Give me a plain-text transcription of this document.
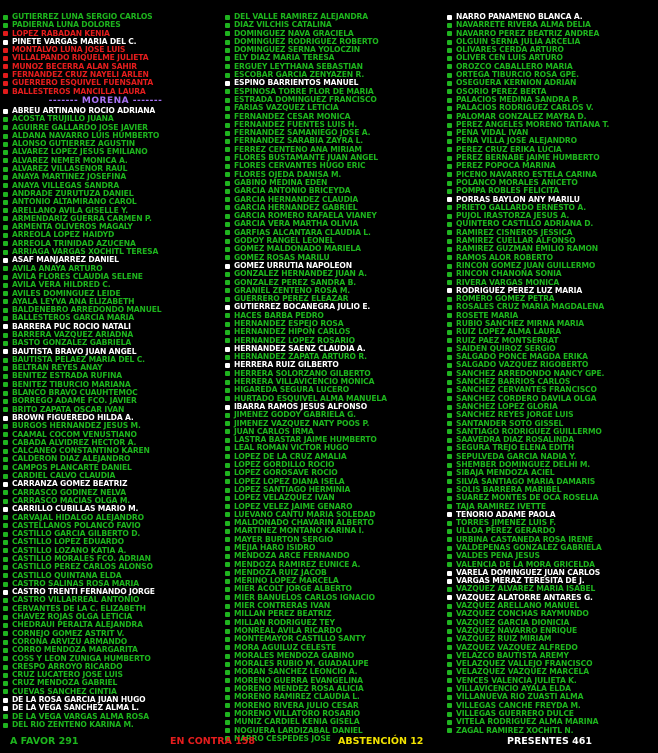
GUTIÉRREZ LUNA SERGIO CARLOS
PADIERNA LUNA DOLORES
LÓPEZ RABADÁN KENIA
PINETE VARGAS MARÍA DEL C.
MONTALVO LUNA JOSÉ LUIS
VILLALPANDO RIQUELME JULIETA
MUÑOZ BECERRA ALAN SAHIR
FERNÁNDEZ CRUZ NAYELI ARLEN
GUERRERO ESQUIVEL FUENSANTA
BALLESTEROS MANCILLA LAURA
------- MORENA -------
ABREU ARTIÑANO ROCÍO ADRIANA
ACOSTA TRUJILLO JUANA
AGUIRRE GALLARDO JOSÉ JAVIER
ALDANA NAVARRO LUIS HUMBERTO
ALONSO GUTIÉRREZ AGUSTÍN
ÁLVAREZ LÓPEZ JESÚS EMILIANO
ÁLVAREZ NEMER MÓNICA A.
ÁLVAREZ VILLASEÑOR RAÚL
ANAYA MARTÍNEZ JOSEFINA
ANAYA VILLEGAS SANDRA
ANDRADE ZURUTUZA DANIEL
ANTONIO ALTAMIRANO CAROL
ARELLANO AVILA GISELLE Y.
ARMENDÁRIZ GUERRA CARMEN P.
ARMENTA OLIVEROS MAGALY
ARREOLA LÓPEZ HAIDYD
ARREOLA TRINIDAD AZUCENA
ARRIAGA VARGAS XÓCHITL TERESA
ASAF MANJARREZ DANIEL
ÁVILA ANAYA ARTURO
ÁVILA FLORES CLAUDIA SELENE
ÁVILA VERA HILDRED C.
AVILÉS DOMÍNGUEZ LEIDE
AYALA LEYVA ANA ELIZABETH
BALDENEBRO ARREDONDO MANUEL
BALLESTEROS GARCÍA MARÍA
BARRERA PUC ROCIO NATALI
BARRERA VÁZQUEZ ARIADNA
BASTO GONZÁLEZ GABRIELA
BAUTISTA BRAVO JUAN ANGEL
BAUTISTA PELÁEZ MARÍA DEL C.
BELTRÁN REYES ANAY
BENÍTEZ ESTRADA RUFINA
BENÍTEZ TIBURCIO MARIANA
BLANCO BRAVO CUAUHTÉMOC
BORREGO ADAME FCO. JAVIER
BRITO ZAPATA OSCAR IVÁN
BROWN FIGUEREDO HILDA A.
BURGOS HERNÁNDEZ JESÚS M.
CAAMAL COCOM VENUSTIANO
CABADA ALVIDREZ HÉCTOR A.
CALCANEO CONSTANTINO KAREN
CALDERÓN DÍAZ ALEJANDRO
CAMPOS PLANCARTE DANIEL
CARDIEL CALVO CLAUDIA
CARRANZA GÓMEZ BEATRIZ
CARRASCO GODÍNEZ NELVA
CARRASCO MACÍAS OLGA M.
CARRILLO CUBILLAS MARIO M.
CARVAJAL HIDALGO ALEJANDRO
CASTELLANOS POLANCO FAVIO
CASTILLO GARCÍA GILBERTO D.
CASTILLO LÓPEZ EDUARDO
CASTILLO LOZANO KATIA A.
CASTILLO MORALES FCO. ADRIÁN
CASTILLO PÉREZ CARLOS ALONSO
CASTILLO QUINTANA ELDA
CASTRO SALINAS ROSA MARÍA
CASTRO TRENTI FERNANDO JORGE
CASTRO VILLARREAL ANTONIO
CERVANTES DE LA C. ELIZABETH
CHÁVEZ ROJAS OLGA LETICIA
CHEDRAUI PERALTA ALEJANDRA
CORNEJO GÓMEZ ASTRIT V.
CORONA ARVIZU ARMANDO
CORRO MENDOZA MARGARITA
COSS Y LEÓN ZÚÑIGA HUMBERTO
CRESPO ARROYO RICARDO
CRUZ LUCATERO JOSÉ LUIS
CRUZ MENDOZA GABRIEL
CUEVAS SÁNCHEZ CINTIA
DE LA ROSA GARCÍA JUAN HUGO
DE LA VEGA SÁNCHEZ ALMA L.
DE LA VEGA VARGAS ALMA ROSA
DEL RÍO ZENTENO KARINA M.
DEL VALLE RAMÍREZ ALEJANDRA
DÍAZ VILCHIS CATALINA
DOMÍNGUEZ NAVA GRACIELA
DOMÍNGUEZ RODRÍGUEZ ROBERTO
DOMÍNGUEZ SERNA YOLOCZIN
ELY DÍAZ MARÍA TERESA
ERGUEY LEYTHANA SEBASTIÁN
ESCOBAR GARCÍA ZENYAZEN R.
ESPINO BARRIENTOS MANUEL
ESPINOSA TORRE FLOR DE MARÍA
ESTRADA DOMÍNGUEZ FRANCISCO
FARIAS VÁZQUEZ LETICIA
FERNÁNDEZ CÉSAR MÓNICA
FERNÁNDEZ FUENTES LUIS H.
FERNÁNDEZ SAMANIEGO JOSÉ A.
FERNÁNDEZ SARABIA ZAYRA L.
FERREZ CENTENO ANA MIRIAM
FLORES BUSTAMANTE JUAN ÁNGEL
FLORES CERVANTES HUGO ERIC
FLORES OJEDA DANISA M.
GABIÑO MEDINA EDÉN
GARCÍA ANTONIO BRICEYDA
GARCÍA HERNÁNDEZ CLAUDIA
GARCÍA HERNÁNDEZ GABRIEL
GARCÍA ROMERO RAFAELA VIANEY
GARCÍA VERA MARTHA OLIVIA
GARFIAS ALCÁNTARA CLAUDIA L.
GODOY RANGEL LEONEL
GÓMEZ MALDONADO MARIELA
GÓMEZ ROSAS MARILÚ
GÓMEZ URRUTIA NAPOLEÓN
GONZÁLEZ HERNÁNDEZ JUAN A.
GONZÁLEZ PÉREZ SANDRA B.
GRANIEL ZENTENO ROSA M.
GUERRERO PÉREZ ELEAZAR
GUTIÉRREZ BOCANEGRA JULIO E.
HACES BARBA PEDRO
HERNÁNDEZ ESPEJO ROSA
HERNÁNDEZ HIPÓN CARLOS
HERNÁNDEZ LÓPEZ ROSARIO
HERNÁNDEZ SÁENZ CLAUDIA A.
HERNÁNDEZ ZAPATA ARTURO R.
HERRERA RUÍZ GILBERTO
HERRERA SOLÓRZANO GILBERTO
HERRERA VILLAVICENCIO MÓNICA
HIGAREDA SEGURA LUCERO
HURTADO ESQUIVEL ALMA MANUELA
IBARRA RAMOS JESÚS ALFONSO
JIMÉNEZ GODOY GABRIELA G.
JIMÉNEZ VÁZQUEZ NATY POOS P.
JUAN CARLOS IRMA
LASTRA BASTAR JAIME HUMBERTO
LEAL ROMÁN VÍCTOR HUGO
LÓPEZ DE LA CRUZ AMALIA
LÓPEZ GORDILLO ROCÍO
LÓPEZ GOROSAVE ROCÍO
LÓPEZ LÓPEZ DIANA ISELA
LÓPEZ SANTIAGO HERMINIA
LÓPEZ VELÁZQUEZ IVÁN
LÓPEZ VÉLEZ JAIME GENARO
LUÉVANO CANTÚ MARÍA SOLEDAD
MALDONADO CHAVARÍN ALBERTO
MARTÍNEZ MONTAÑO KARINA I.
MAYER BURTÓN SERGIO
MEJÍA HARO ISIDRO
MENDOZA ARCE FERNANDO
MENDOZA RAMÍREZ EUNICE A.
MENDOZA RUIZ JACOB
MERINO LÓPEZ MARCELA
MIER ACOLT JORGE ALBERTO
MIER BAÑUELOS CARLOS IGNACIO
MIER CONTRERAS IVÁN
MILLÁN PÉREZ BEATRIZ
MILLÁN RODRÍGUEZ TEY
MONREAL ÁVILA RICARDO
MONTEMAYOR CASTILLO SANTY
MORA AGUILUZ CELESTE
MORALES MENDOZA GABINO
MORALES RUBIO M. GUADALUPE
MORÁN SÁNCHEZ LEONCIO A.
MORENO GUERRA EVANGELINA
MORENO MÉNDEZ ROSA ALICIA
MORENO RAMÍREZ CLAUDIA L.
MORENO RIVERA JULIO CÉSAR
MORENO VILLATORO ROSARIO
MUÑIZ CARDIEL KENIA GISELA
NOGUERA LARDIZÁBAL DANIEL
NARRO CÉSPEDES JOSÉ
NARRO PANAMEÑO BLANCA A.
NAVARRETE RIVERA ALMA DELIA
NAVARRO PÉREZ BEATRIZ ANDREA
OLGUÍN SERNA JULIA ARCELIA
OLIVARES CERDA ARTURO
OLIVER CEN LUIS ARTURO
OROZCO CABALLERO MARÍA
ORTEGA TIBURCIO ROSA GPE.
OSEGUERA KERNION ADRIÁN
OSORIO PÉREZ BERTA
PALACIOS MEDINA SANDRA P.
PALACIOS RODRÍGUEZ CARLOS V.
PALOMAR GONZÁLEZ MAYRA D.
PÉREZ ANGELES MORENO TATIANA T.
PEÑA VIDAL IVÁN
PEÑA VILLA JOSÉ ALEJANDRO
PÉREZ CRUZ ERIKA LUCÍA
PÉREZ BERNABÉ JAIME HUMBERTO
PÉREZ POPOCA MARINA
PICENO NAVARRO ESTELA CARINA
POLANCO MORALES ANICETO
POMPA ROBLES FELICITA
PORRAS BAYLÓN ANY MARILÚ
PRIETO GALLARDO ERNESTO A.
PUJOL IRASTORZA JESÚS A.
QUINTERO CASTILLO ADRIANA D.
RAMÍREZ CISNEROS JESSICA
RAMÍREZ CUÉLLAR ALFONSO
RAMÍREZ GUZMÁN EMILIO RAMÓN
RAMOS ALOR ROBERTO
RINCÓN GÓMEZ JUAN GUILLERMO
RINCÓN CHANONA SONIA
RIVERA VARGAS MÓNICA
RODRÍGUEZ PÉREZ LUZ MARÍA
ROMERO GÓMEZ PETRA
ROSALES CRUZ MARÍA MAGDALENA
ROSETE MARÍA
RUBIO SÁNCHEZ MIRNA MARÍA
RUIZ LÓPEZ ALMA LAURA
RUIZ PAEZ MONTSERRAT
SAIDEN QUIROZ SERGIO
SALGADO PONCE MAGDA ERIKA
SALGADO VÁZQUEZ RIGOBERTO
SÁNCHEZ ARREDONDO NANCY GPE.
SÁNCHEZ BARRIOS CARLOS
SÁNCHEZ CERVANTES FRANCISCO
SÁNCHEZ CORDERO DÁVILA OLGA
SÁNCHEZ LÓPEZ GLORIA
SÁNCHEZ REYES JORGE LUIS
SANTANDER SOTO GISSEL
SANTIAGO RODRÍGUEZ GUILLERMO
SAAVEDRA DÍAZ ROSALINDA
SEGURA TREJO ELENA EDITH
SEPÚLVEDA GARCÍA NADIA Y.
SHEMBER DOMÍNGUEZ DELHI M.
SIBAJA MENDOZA ACIEL
SILVA SANTIAGO MARÍA DAMARIS
SOLÍS BARRERA MARIBEL
SUÁREZ MONTES DE OCA ROSELIA
TAJA RAMÍREZ IVETTE
TENORIO ADAME PAOLA
TORRES JIMÉNEZ LUIS F.
ULLOA PÉREZ GERARDO
URBINA CASTAÑEDA ROSA IRENE
VALDEPEÑAS GONZÁLEZ GABRIELA
VALDÉS PEÑA JESÚS
VALENCIA DE LA MORA GRICELDA
VARELA DOMÍNGUEZ JUAN CARLOS
VARGAS MERAZ TERESITA DE J.
VÁZQUEZ ÁLVAREZ MARÍA ISABEL
VÁZQUEZ ALATORRE ANTARES G.
VÁZQUEZ ARELLANO MANUEL
VÁZQUEZ CONCHAS RAYMUNDO
VÁZQUEZ GARCÍA DIONICIA
VÁZQUEZ NAVARRO ENRIQUE
VÁZQUEZ RUIZ MIRIAM
VÁZQUEZ VÁZQUEZ ALFREDO
VELAZCO BAUTISTA AREMY
VELÁZQUEZ VALLEJO FRANCISCO
VELÁZQUEZ VÁZQUEZ MARCELA
VENCES VALENCIA JULIETA K.
VILLAVICENCIO AYALA ELDA
VILLANUEVA RÍO ZUASTI ALMA
VILLEGAS CANCHÉ FREYDA M.
VILLEGAS GUERRERO DULCE
VITELA RODRÍGUEZ ALMA MARINA
ZAGAL RAMÍREZ XÓCHITL N.
A FAVOR 291	EN CONTRA 158	ABSTENCIÓN 12	PRESENTES 461
